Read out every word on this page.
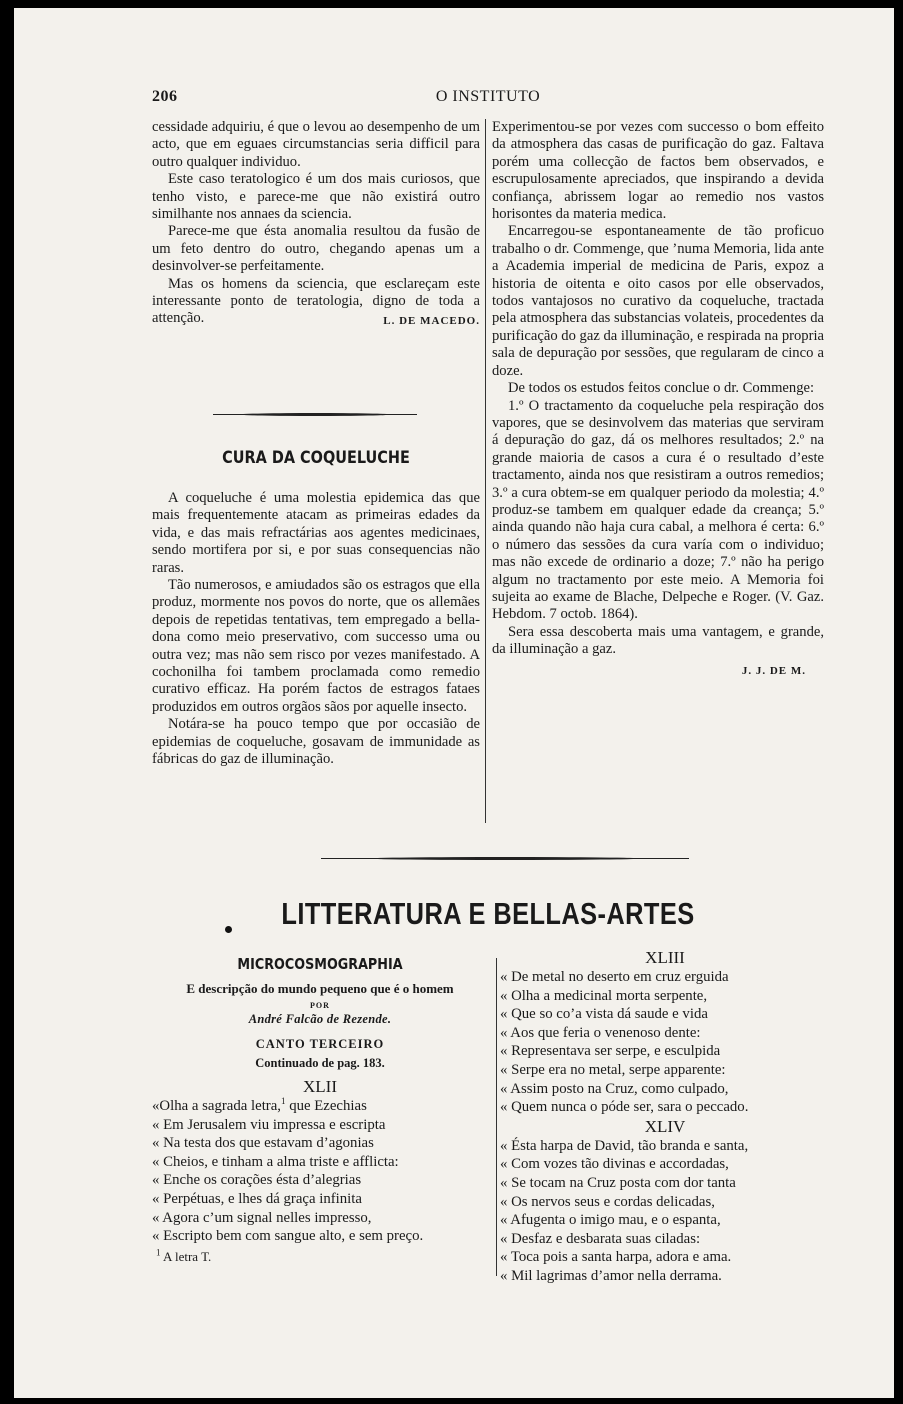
206	O INSTITUTO

cessidade adquiriu, é que o levou ao desempenho de um acto, que em eguaes circumstancias seria difficil para outro qualquer individuo.

Este caso teratologico é um dos mais curiosos, que tenho visto, e parece-me que não existirá outro similhante nos annaes da sciencia.

Parece-me que ésta anomalia resultou da fusão de um feto dentro do outro, chegando apenas um a desinvolver-se perfeitamente.

Mas os homens da sciencia, que esclareçam este interessante ponto de teratologia, digno de toda a attenção.	L. DE MACEDO.

CURA DA COQUELUCHE

A coqueluche é uma molestia epidemica das que mais frequentemente atacam as primeiras edades da vida, e das mais refractárias aos agentes medicinaes, sendo mortifera por si, e por suas consequencias não raras.

Tão numerosos, e amiudados são os estragos que ella produz, mormente nos povos do norte, que os allemães depois de repetidas tentativas, tem empregado a bella-dona como meio preservativo, com successo uma ou outra vez; mas não sem risco por vezes manifestado. A cochonilha foi tambem proclamada como remedio curativo efficaz. Ha porém factos de estragos fataes produzidos em outros orgãos sãos por aquelle insecto.

Notára-se ha pouco tempo que por occasião de epidemias de coqueluche, gosavam de immunidade as fábricas do gaz de illuminação.

Experimentou-se por vezes com successo o bom effeito da atmosphera das casas de purificação do gaz. Faltava porém uma collecção de factos bem observados, e escrupulosamente apreciados, que inspirando a devida confiança, abrissem logar ao remedio nos vastos horisontes da materia medica.

Encarregou-se espontaneamente de tão proficuo trabalho o dr. Commenge, que ’numa Memoria, lida ante a Academia imperial de medicina de Paris, expoz a historia de oitenta e oito casos por elle observados, todos vantajosos no curativo da coqueluche, tractada pela atmosphera das substancias volateis, procedentes da purificação do gaz da illuminação, e respirada na propria sala de depuração por sessões, que regularam de cinco a doze.

De todos os estudos feitos conclue o dr. Commenge:

1.º O tractamento da coqueluche pela respiração dos vapores, que se desinvolvem das materias que serviram á depuração do gaz, dá os melhores resultados; 2.º na grande maioria de casos a cura é o resultado d’este tractamento, ainda nos que resistiram a outros remedios; 3.º a cura obtem-se em qualquer periodo da molestia; 4.º produz-se tambem em qualquer edade da creança; 5.º ainda quando não haja cura cabal, a melhora é certa: 6.º o número das sessões da cura varía com o individuo; mas não excede de ordinario a doze; 7.º não ha perigo algum no tractamento por este meio. A Memoria foi sujeita ao exame de Blache, Delpeche e Roger. (V. Gaz. Hebdom. 7 octob. 1864).

Sera essa descoberta mais uma vantagem, e grande, da illuminação a gaz.

J. J. DE M.
LITTERATURA E BELLAS-ARTES
MICROCOSMOGRAPHIA
E descripção do mundo pequeno que é o homem
POR
André Falcão de Rezende.
CANTO TERCEIRO
Continuado de pag. 183.
XLII
«Olha a sagrada letra,$^1$ que Ezechias
« Em Jerusalem viu impressa e escripta
« Na testa dos que estavam d’agonias
« Cheios, e tinham a alma triste e afflicta:
« Enche os corações ésta d’alegrias
« Perpétuas, e lhes dá graça infinita
« Agora c’um signal nelles impresso,
« Escripto bem com sangue alto, e sem preço.
$^1$ A letra T.
XLIII
« De metal no deserto em cruz erguida
« Olha a medicinal morta serpente,
« Que so co’a vista dá saude e vida
« Aos que feria o venenoso dente:
« Representava ser serpe, e esculpida
« Serpe era no metal, serpe apparente:
« Assim posto na Cruz, como culpado,
« Quem nunca o póde ser, sara o peccado.
XLIV
« Ésta harpa de David, tão branda e santa,
« Com vozes tão divinas e accordadas,
« Se tocam na Cruz posta com dor tanta
« Os nervos seus e cordas delicadas,
« Afugenta o imigo mau, e o espanta,
« Desfaz e desbarata suas ciladas:
« Toca pois a santa harpa, adora e ama.
« Mil lagrimas d’amor nella derrama.
